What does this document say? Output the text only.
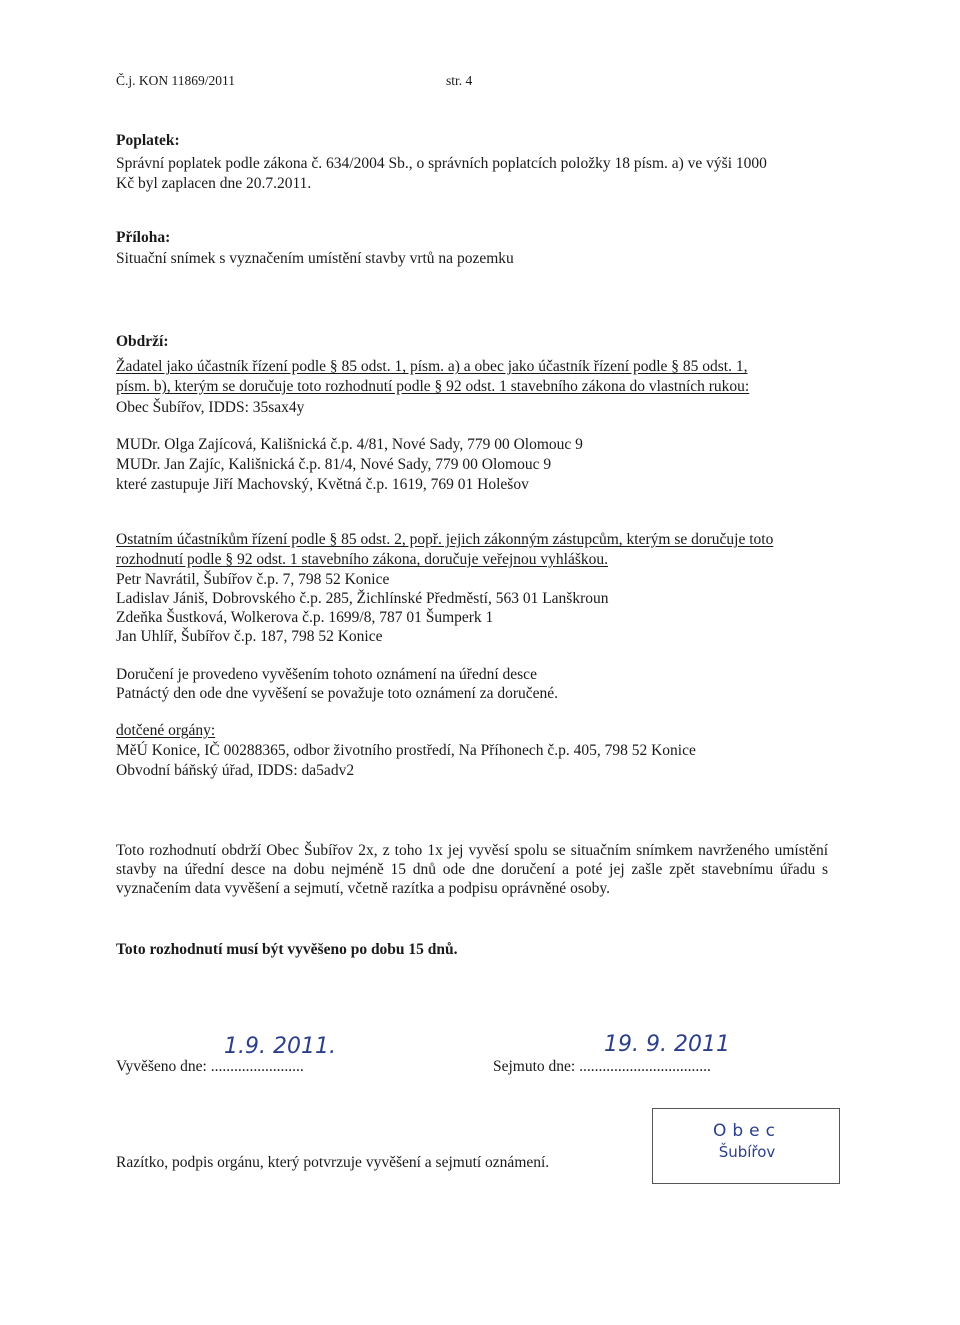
Č.j. KON 11869/2011	str. 4
Poplatek:
Správní poplatek podle zákona č. 634/2004 Sb., o správních poplatcích položky 18 písm. a) ve výši 1000
Kč byl zaplacen dne 20.7.2011.
Příloha:
Situační snímek s vyznačením umístění stavby vrtů na pozemku
Obdrží:
Žadatel jako účastník řízení podle § 85 odst. 1, písm. a) a obec jako účastník řízení podle § 85 odst. 1,
písm. b), kterým se doručuje toto rozhodnutí podle § 92 odst. 1 stavebního zákona do vlastních rukou:
Obec Šubířov, IDDS: 35sax4y
MUDr. Olga Zajícová, Kališnická č.p. 4/81, Nové Sady, 779 00 Olomouc 9
MUDr. Jan Zajíc, Kališnická č.p. 81/4, Nové Sady, 779 00 Olomouc 9
které zastupuje Jiří Machovský, Květná č.p. 1619, 769 01 Holešov
Ostatním účastníkům řízení podle § 85 odst. 2, popř. jejich zákonným zástupcům, kterým se doručuje toto
rozhodnutí podle § 92 odst. 1 stavebního zákona, doručuje veřejnou vyhláškou.
Petr Navrátil, Šubířov č.p. 7, 798 52 Konice
Ladislav Jániš, Dobrovského č.p. 285, Žichlínské Předměstí, 563 01 Lanškroun
Zdeňka Šustková, Wolkerova č.p. 1699/8, 787 01 Šumperk 1
Jan Uhlíř, Šubířov č.p. 187, 798 52 Konice
Doručení je provedeno vyvěšením tohoto oznámení na úřední desce
Patnáctý den ode dne vyvěšení se považuje toto oznámení za doručené.
dotčené orgány:
MěÚ Konice, IČ 00288365, odbor životního prostředí, Na Příhonech č.p. 405, 798 52 Konice
Obvodní báňský úřad, IDDS: da5adv2
Toto rozhodnutí obdrží Obec Šubířov 2x, z toho 1x jej vyvěsí spolu se situačním snímkem navrženého umístění stavby na úřední desce na dobu nejméně 15 dnů ode dne doručení a poté jej zašle zpět stavebnímu úřadu s vyznačením data vyvěšení a sejmutí, včetně razítka a podpisu oprávněné osoby.
Toto rozhodnutí musí být vyvěšeno po dobu 15 dnů.
Vyvěšeno dne: ........................
1.9. 2011.
Sejmuto dne: ..................................
19. 9. 2011
Razítko, podpis orgánu, který potvrzuje vyvěšení a sejmutí oznámení.
Obec
Šubířov
